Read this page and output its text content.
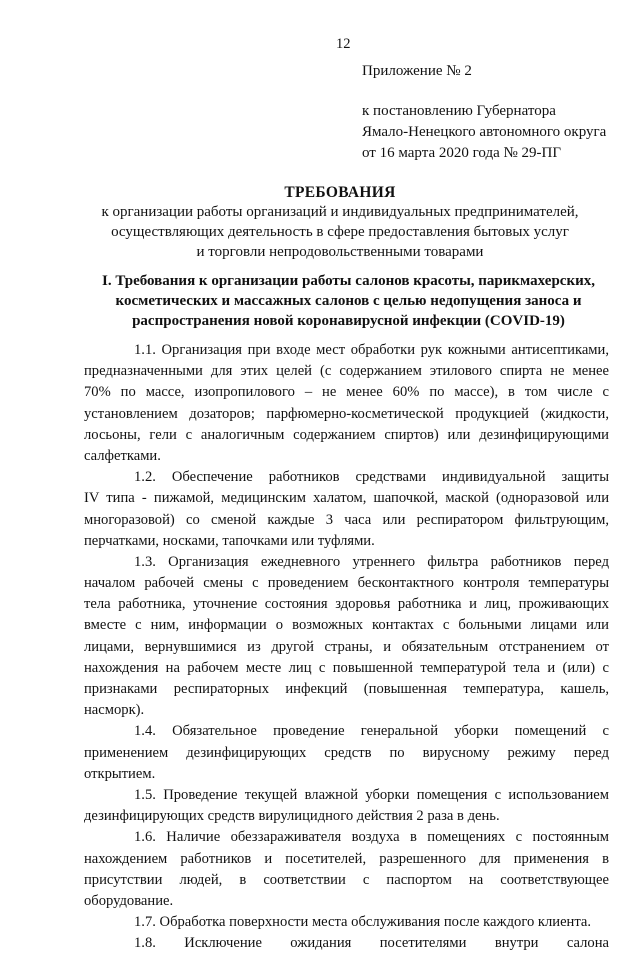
12
Приложение № 2
к постановлению Губернатора
Ямало-Ненецкого автономного округа
от 16 марта 2020 года № 29-ПГ
ТРЕБОВАНИЯ
к организации работы организаций и индивидуальных предпринимателей,
осуществляющих деятельность в сфере предоставления бытовых услуг
и торговли непродовольственными товарами
I. Требования к организации работы салонов красоты, парикмахерских,
косметических и массажных салонов с целью недопущения заноса и
распространения новой коронавирусной инфекции (COVID-19)
1.1. Организация при входе мест обработки рук кожными антисептиками,
предназначенными для этих целей (с содержанием этилового спирта не менее
70% по массе, изопропилового – не менее 60% по массе), в том числе с
установлением дозаторов; парфюмерно-косметической продукцией (жидкости,
лосьоны, гели с аналогичным содержанием спиртов) или дезинфицирующими
салфетками.
1.2. Обеспечение работников средствами индивидуальной защиты
IV типа - пижамой, медицинским халатом, шапочкой, маской (одноразовой или
многоразовой) со сменой каждые 3 часа или респиратором фильтрующим,
перчатками, носками, тапочками или туфлями.
1.3. Организация ежедневного утреннего фильтра работников перед
началом рабочей смены с проведением бесконтактного контроля температуры
тела работника, уточнение состояния здоровья работника и лиц, проживающих
вместе с ним, информации о возможных контактах с больными лицами или
лицами, вернувшимися из другой страны, и обязательным отстранением от
нахождения на рабочем месте лиц с повышенной температурой тела и (или) с
признаками респираторных инфекций (повышенная температура, кашель,
насморк).
1.4. Обязательное проведение генеральной уборки помещений с
применением дезинфицирующих средств по вирусному режиму перед
открытием.
1.5. Проведение текущей влажной уборки помещения с использованием
дезинфицирующих средств вирулицидного действия 2 раза в день.
1.6. Наличие обеззараживателя воздуха в помещениях с постоянным
нахождением работников и посетителей, разрешенного для применения в
присутствии людей, в соответствии с паспортом на соответствующее
оборудование.
1.7. Обработка поверхности места обслуживания после каждого клиента.
1.8. Исключение ожидания посетителями внутри салона
